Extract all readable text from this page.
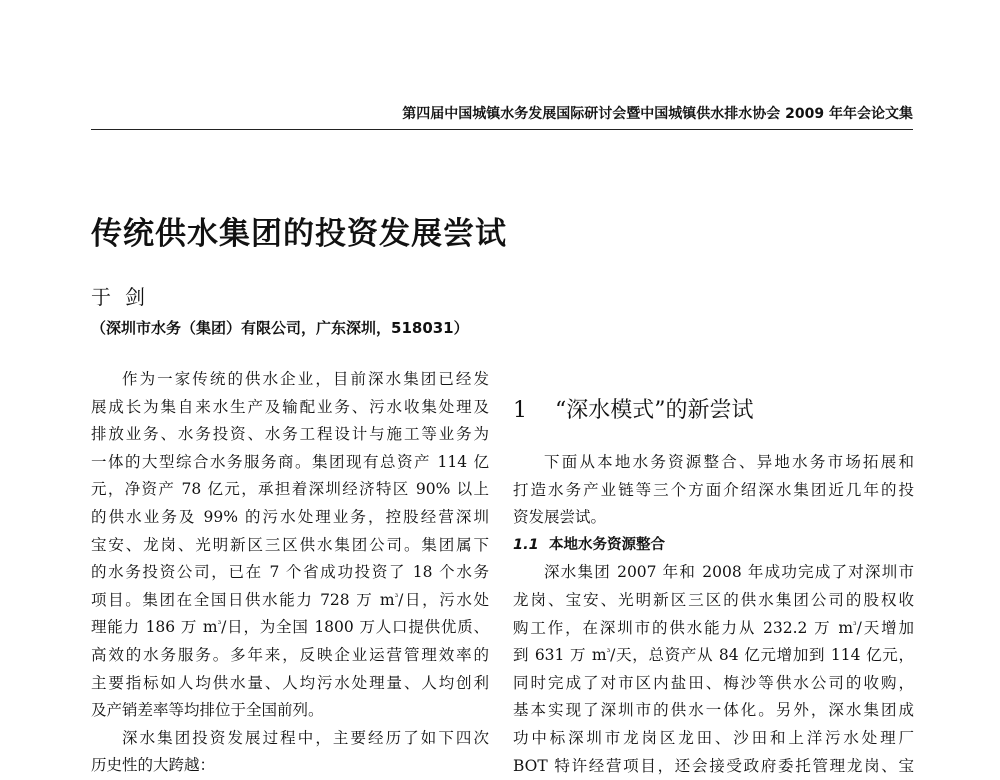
第四届中国城镇水务发展国际研讨会暨中国城镇供水排水协会 2009 年年会论文集
传统供水集团的投资发展尝试
于剑
（深圳市水务（集团）有限公司，广东深圳，518031）
作为一家传统的供水企业，目前深水集团已经发
展成长为集自来水生产及输配业务、污水收集处理及
排放业务、水务投资、水务工程设计与施工等业务为
一体的大型综合水务服务商。集团现有总资产 114 亿
元，净资产 78 亿元，承担着深圳经济特区 90% 以上
的供水业务及 99% 的污水处理业务，控股经营深圳
宝安、龙岗、光明新区三区供水集团公司。集团属下
的水务投资公司，已在 7 个省成功投资了 18 个水务
项目。集团在全国日供水能力 728 万 $m^{^3}/$日，污水处
理能力 186 万 $m^{^3}/$日，为全国 1800 万人口提供优质、
高效的水务服务。多年来，反映企业运营管理效率的
主要指标如人均供水量、人均污水处理量、人均创利
及产销差率等均排位于全国前列。
深水集团投资发展过程中，主要经历了如下四次
历史性的大跨越：
1 “深水模式”的新尝试
下面从本地水务资源整合、异地水务市场拓展和
打造水务产业链等三个方面介绍深水集团近几年的投
资发展尝试。
1.1 本地水务资源整合
深水集团 2007 年和 2008 年成功完成了对深圳市
龙岗、宝安、光明新区三区的供水集团公司的股权收
购工作，在深圳市的供水能力从 232.2 万 $m^{^3}/$天增加
到 631 万 $m^{^3}/$天，总资产从 84 亿元增加到 114 亿元，
同时完成了对市区内盐田、梅沙等供水公司的收购，
基本实现了深圳市的供水一体化。另外，深水集团成
功中标深圳市龙岗区龙田、沙田和上洋污水处理厂
BOT 特许经营项目，还会接受政府委托管理龙岗、宝
